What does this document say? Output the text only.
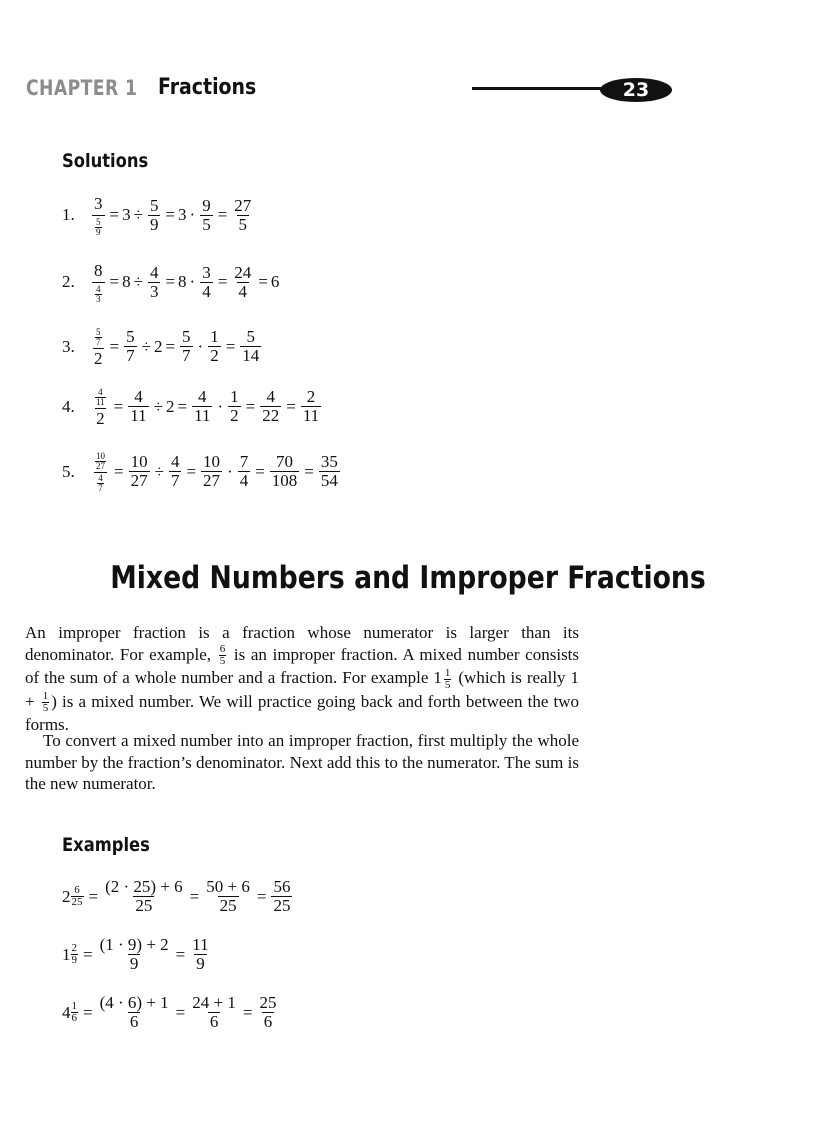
CHAPTER 1 Fractions	23
Solutions
1.	$\frac{3}{\frac{5}{9}} = 3 \div \frac{5}{9} = 3 \cdot \frac{9}{5} = \frac{27}{5}$
2.	$\frac{8}{\frac{4}{3}} = 8 \div \frac{4}{3} = 8 \cdot \frac{3}{4} = \frac{24}{4} = 6$
3.	$\frac{\frac{5}{7}}{2} = \frac{5}{7} \div 2 = \frac{5}{7} \cdot \frac{1}{2} = \frac{5}{14}$
4.	$\frac{\frac{4}{11}}{2} = \frac{4}{11} \div 2 = \frac{4}{11} \cdot \frac{1}{2} = \frac{4}{22} = \frac{2}{11}$
5.	$\frac{\frac{10}{27}}{\frac{4}{7}} = \frac{10}{27} \div \frac{4}{7} = \frac{10}{27} \cdot \frac{7}{4} = \frac{70}{108} = \frac{35}{54}$
Mixed Numbers and Improper Fractions

An improper fraction is a fraction whose numerator is larger than its denominator. For example, $\frac{6}{5}$ is an improper fraction. A mixed number consists of the sum of a whole number and a fraction. For example $1 \frac{1}{5}$ (which is really $1 + \frac{1}{5}$ ) is a mixed number. We will practice going back and forth between the two forms.

To convert a mixed number into an improper fraction, first multiply the whole number by the fraction’s denominator. Next add this to the numerator. The sum is the new numerator.

Examples
2 6
$25 = \frac{(2 \cdot 25) + 6}{25} = \frac{50 + 6}{25} = \frac{56}{25}$
1 2
$9 = \frac{(1 \cdot 9) + 2}{9} = \frac{11}{9}$
4 1
$6 = \frac{(4 \cdot 6) + 1}{6} = \frac{24 + 1}{6} = \frac{25}{6}$
